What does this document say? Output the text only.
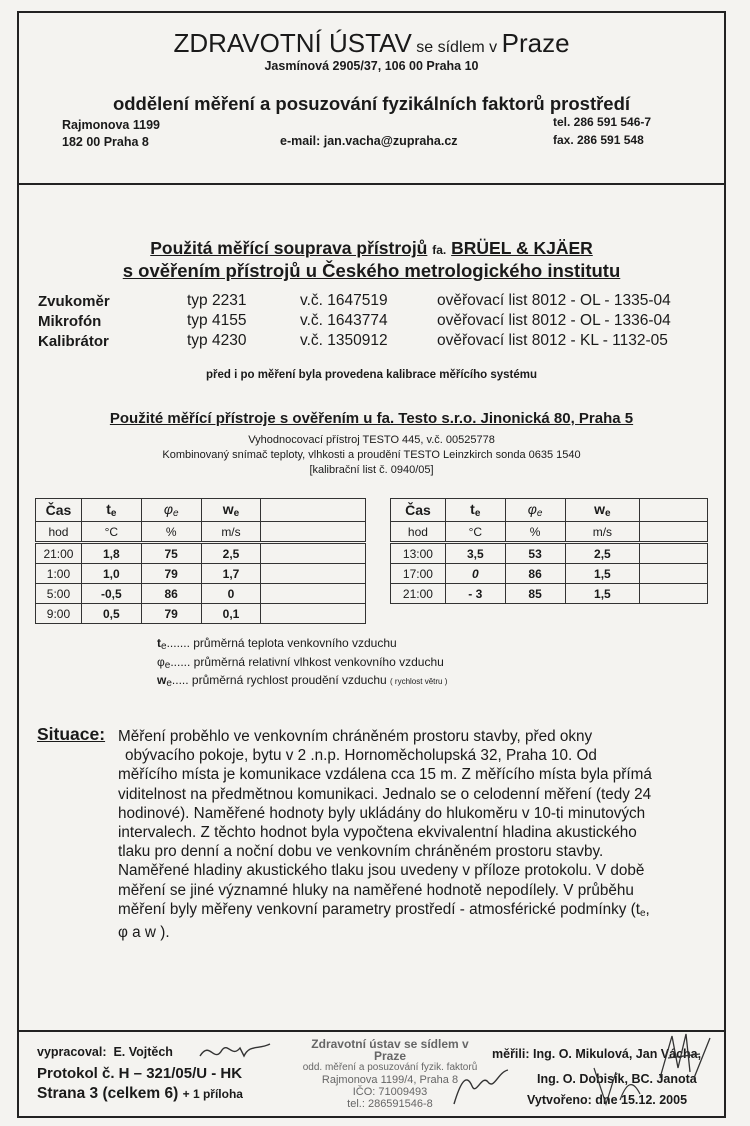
ZDRAVOTNÍ ÚSTAV se sídlem v Praze
Jasmínová 2905/37, 106 00 Praha 10
oddělení měření a posuzování fyzikálních faktorů prostředí
Rajmonova 1199
182 00 Praha 8	e-mail: jan.vacha@zupraha.cz
tel. 286 591 546-7
fax. 286 591 548
Použitá měřící souprava přístrojů fa. BRÜEL & KJÄER
s ověřením přístrojů u Českého metrologického institutu
Zvukoměr	typ 2231	v.č. 1647519	ověřovací list 8012 - OL - 1335-04
Mikrofón	typ 4155	v.č. 1643774	ověřovací list 8012 - OL - 1336-04
Kalibrátor	typ 4230	v.č. 1350912	ověřovací list 8012 - KL - 1132-05
před i po měření byla provedena kalibrace měřícího systému
Použité měřící přístroje s ověřením u fa. Testo s.r.o. Jinonická 80, Praha 5
Vyhodnocovací přístroj TESTO 445, v.č. 00525778
Kombinovaný snímač teploty, vlhkosti a proudění TESTO Leinzkirch sonda 0635 1540
[kalibrační list č. 0940/05]
Čas	$t_e$	$\varphi_e$	$w_e$	
hod	°C	%	m/s	
21:00	1,8	75	2,5	
1:00	1,0	79	1,7	
5:00	-0,5	86	0	
9:00	0,5	79	0,1	
Čas	$t_e$	$\varphi_e$	$w_e$	
hod	°C	%	m/s	
13:00	3,5	53	2,5	
17:00	0	86	1,5	
21:00	- 3	85	1,5	
$t_e$....... průměrná teplota venkovního vzduchu
$\varphi_e$...... průměrná relativní vlhkost venkovního vzduchu
$w_e$..... průměrná rychlost proudění vzduchu ( rychlost větru )
Situace: Měření proběhlo ve venkovním chráněném prostoru stavby, před okny
obývacího pokoje, bytu v 2 .n.p. Hornoměcholupská 32, Praha 10. Od
měřícího místa je komunikace vzdálena cca 15 m. Z měřícího místa byla přímá
viditelnost na předmětnou komunikaci. Jednalo se o celodenní měření (tedy 24
hodinové). Naměřené hodnoty byly ukládány do hlukoměru v 10-ti minutových
intervalech. Z těchto hodnot byla vypočtena ekvivalentní hladina akustického
tlaku pro denní a noční dobu ve venkovním chráněném prostoru stavby.
Naměřené hladiny akustického tlaku jsou uvedeny v příloze protokolu. V době
měření se jiné významné hluky na naměřené hodnotě nepodílely. V průběhu
měření byly měřeny venkovní parametry prostředí - atmosférické podmínky ($t_e$,
φ a w ).
vypracoval: E. Vojtěch
Protokol č. H – 321/05/U - HK
Strana 3 (celkem 6) + 1 příloha
Zdravotní ústav se sídlem v Praze
odd. měření a posuzování fyzik. faktorů
Rajmonova 1199/4, Praha 8
IČO: 71009493
tel.: 286591546-8
měřili: Ing. O. Mikulová, Jan Vácha,
Ing. O. Dobisík, BC. Janota
Vytvořeno: dne 15.12. 2005
